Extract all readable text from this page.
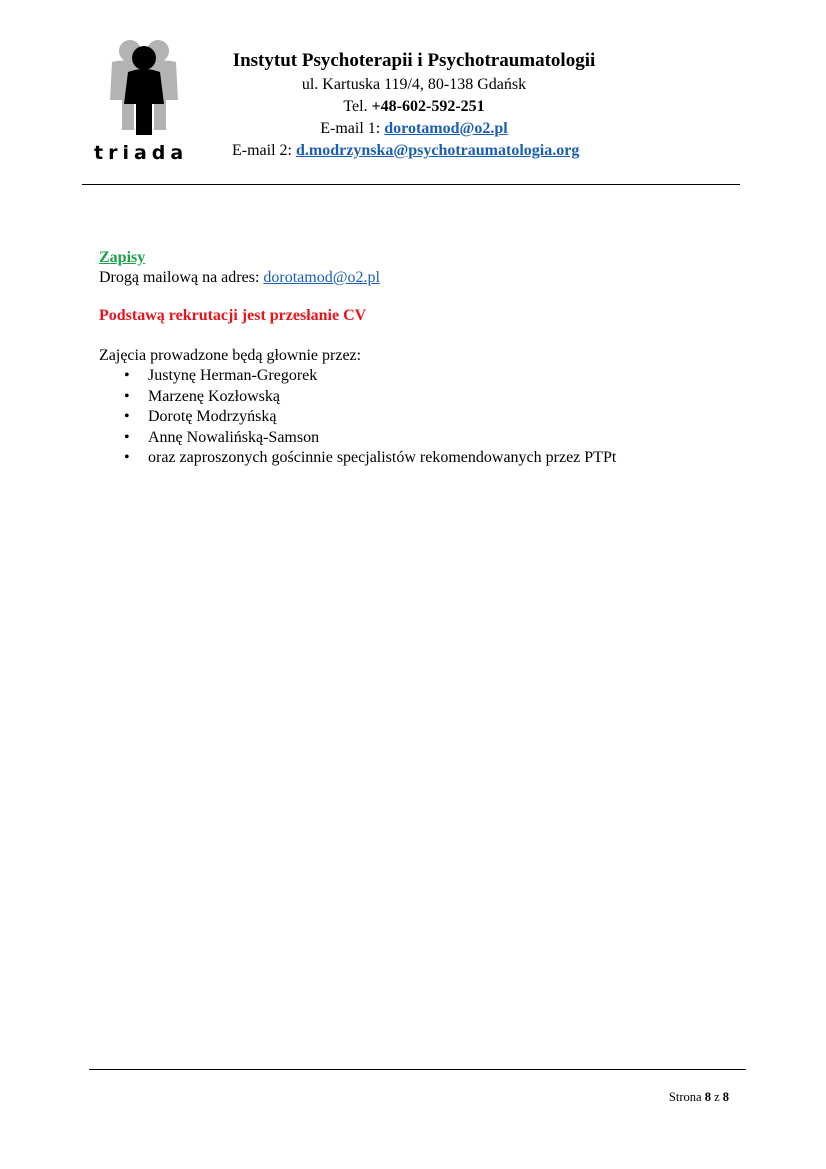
triada
Instytut Psychoterapii i Psychotraumatologii
ul. Kartuska 119/4, 80-138 Gdańsk
Tel. +48-602-592-251
E-mail 1: dorotamod@o2.pl
E-mail 2: d.modrzynska@psychotraumatologia.org
Zapisy
Drogą mailową na adres: dorotamod@o2.pl
Podstawą rekrutacji jest przesłanie CV
Zajęcia prowadzone będą głownie przez:
• Justynę Herman-Gregorek
• Marzenę Kozłowską
• Dorotę Modrzyńską
• Annę Nowalińską-Samson
• oraz zaproszonych gościnnie specjalistów rekomendowanych przez PTPt
Strona 8 z 8
